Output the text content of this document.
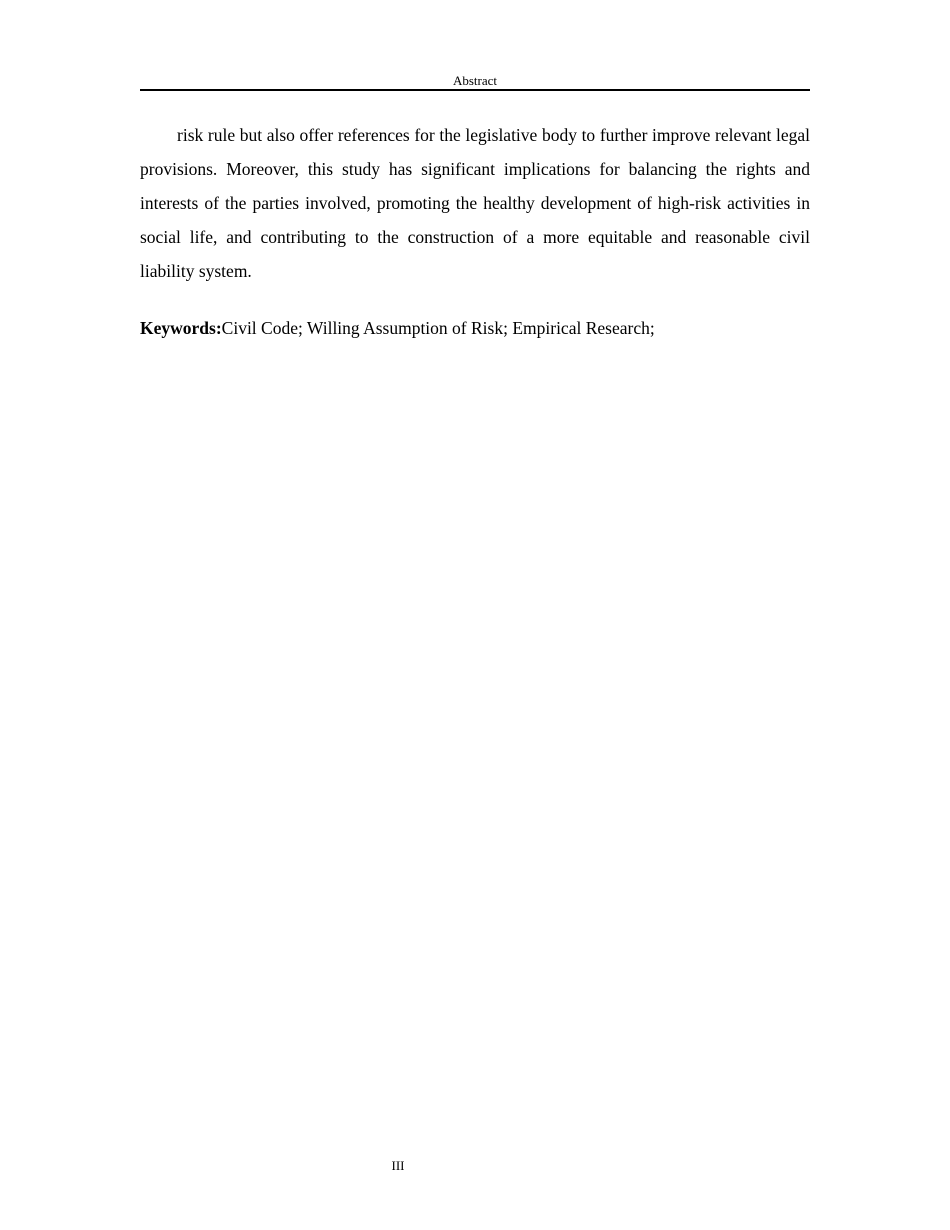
Abstract

risk rule but also offer references for the legislative body to further improve relevant legal provisions. Moreover, this study has significant implications for balancing the rights and interests of the parties involved, promoting the healthy development of high-risk activities in social life, and contributing to the construction of a more equitable and reasonable civil liability system.

Keywords:Civil Code; Willing Assumption of Risk; Empirical Research;

III
